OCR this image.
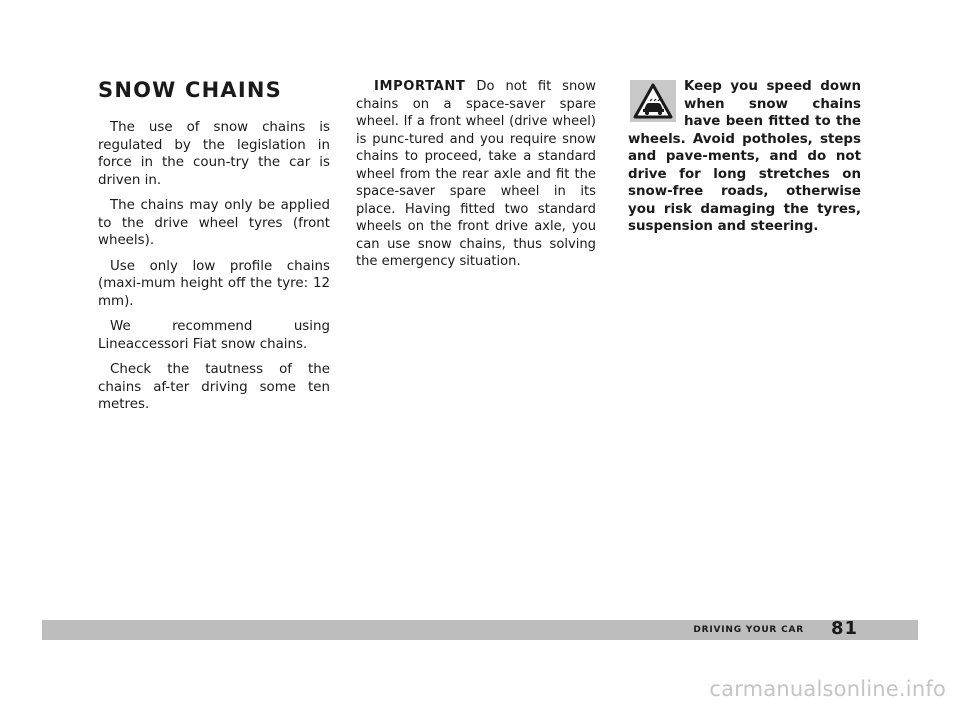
SNOW CHAINS

The use of snow chains is regulated by the legislation in force in the coun-try the car is driven in.

The chains may only be applied to the drive wheel tyres (front wheels).

Use only low profile chains (maxi-mum height off the tyre: 12 mm).

We recommend using Lineaccessori Fiat snow chains.

Check the tautness of the chains af-ter driving some ten metres.

IMPORTANT Do not fit snow chains on a space-saver spare wheel. If a front wheel (drive wheel) is punc-tured and you require snow chains to proceed, take a standard wheel from the rear axle and fit the space-saver spare wheel in its place. Having fitted two standard wheels on the front drive axle, you can use snow chains, thus solving the emergency situation.

Keep you speed down when snow chains have been fitted to the wheels. Avoid potholes, steps and pave-ments, and do not drive for long stretches on snow-free roads, otherwise you risk damaging the tyres, suspension and steering.

DRIVING YOUR CAR 81
carmanualsonline.info
